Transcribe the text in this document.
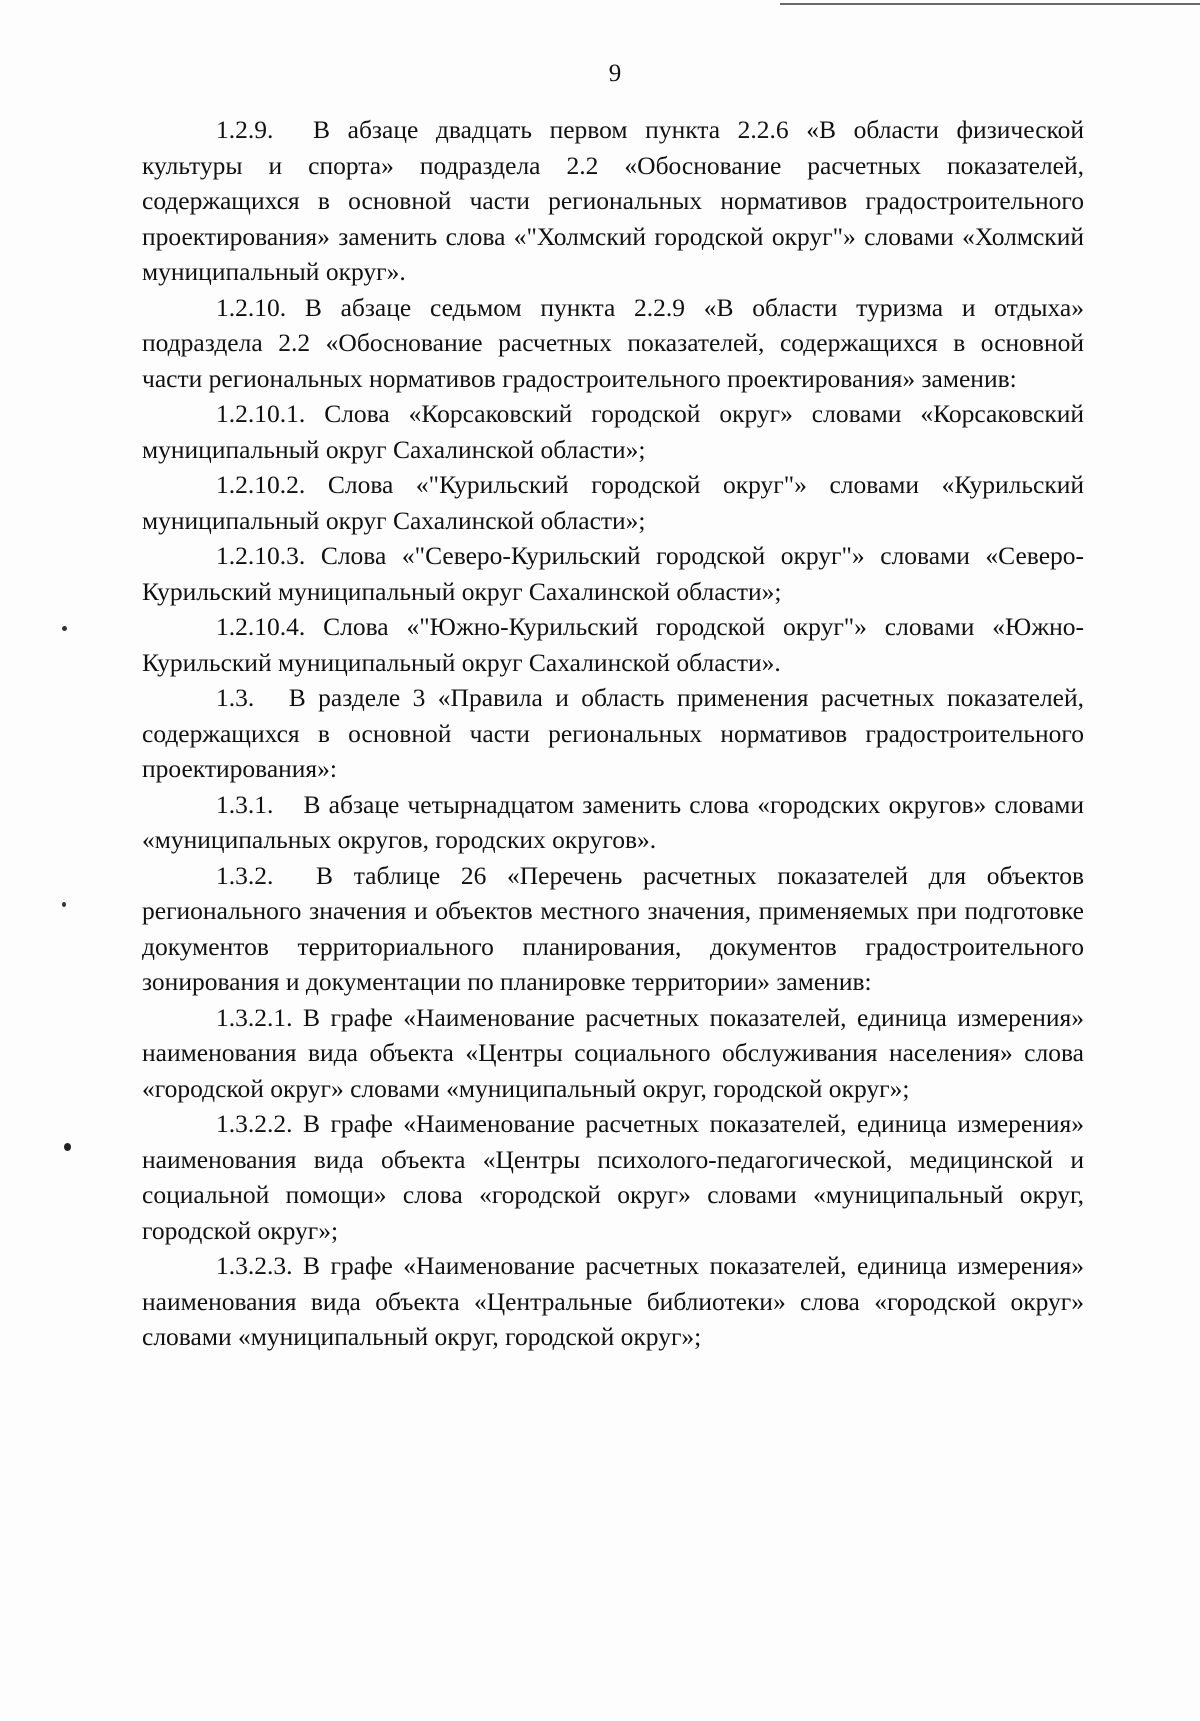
9

1.2.9. В абзаце двадцать первом пункта 2.2.6 «В области физической культуры и спорта» подраздела 2.2 «Обоснование расчетных показателей, содержащихся в основной части региональных нормативов градостроительного проектирования» заменить слова «"Холмский городской округ"» словами «Холмский муниципальный округ».

1.2.10. В абзаце седьмом пункта 2.2.9 «В области туризма и отдыха» подраздела 2.2 «Обоснование расчетных показателей, содержащихся в основной части региональных нормативов градостроительного проектирования» заменив:

1.2.10.1. Слова «Корсаковский городской округ» словами «Корсаковский муниципальный округ Сахалинской области»;

1.2.10.2. Слова «"Курильский городской округ"» словами «Курильский муниципальный округ Сахалинской области»;

1.2.10.3. Слова «"Северо-Курильский городской округ"» словами «Северо-Курильский муниципальный округ Сахалинской области»;

1.2.10.4. Слова «"Южно-Курильский городской округ"» словами «Южно-Курильский муниципальный округ Сахалинской области».

1.3. В разделе 3 «Правила и область применения расчетных показателей, содержащихся в основной части региональных нормативов градостроительного проектирования»:

1.3.1. В абзаце четырнадцатом заменить слова «городских округов» словами «муниципальных округов, городских округов».

1.3.2. В таблице 26 «Перечень расчетных показателей для объектов регионального значения и объектов местного значения, применяемых при подготовке документов территориального планирования, документов градостроительного зонирования и документации по планировке территории» заменив:

1.3.2.1. В графе «Наименование расчетных показателей, единица измерения» наименования вида объекта «Центры социального обслуживания населения» слова «городской округ» словами «муниципальный округ, городской округ»;

1.3.2.2. В графе «Наименование расчетных показателей, единица измерения» наименования вида объекта «Центры психолого-педагогической, медицинской и социальной помощи» слова «городской округ» словами «муниципальный округ, городской округ»;

1.3.2.3. В графе «Наименование расчетных показателей, единица измерения» наименования вида объекта «Центральные библиотеки» слова «городской округ» словами «муниципальный округ, городской округ»;
